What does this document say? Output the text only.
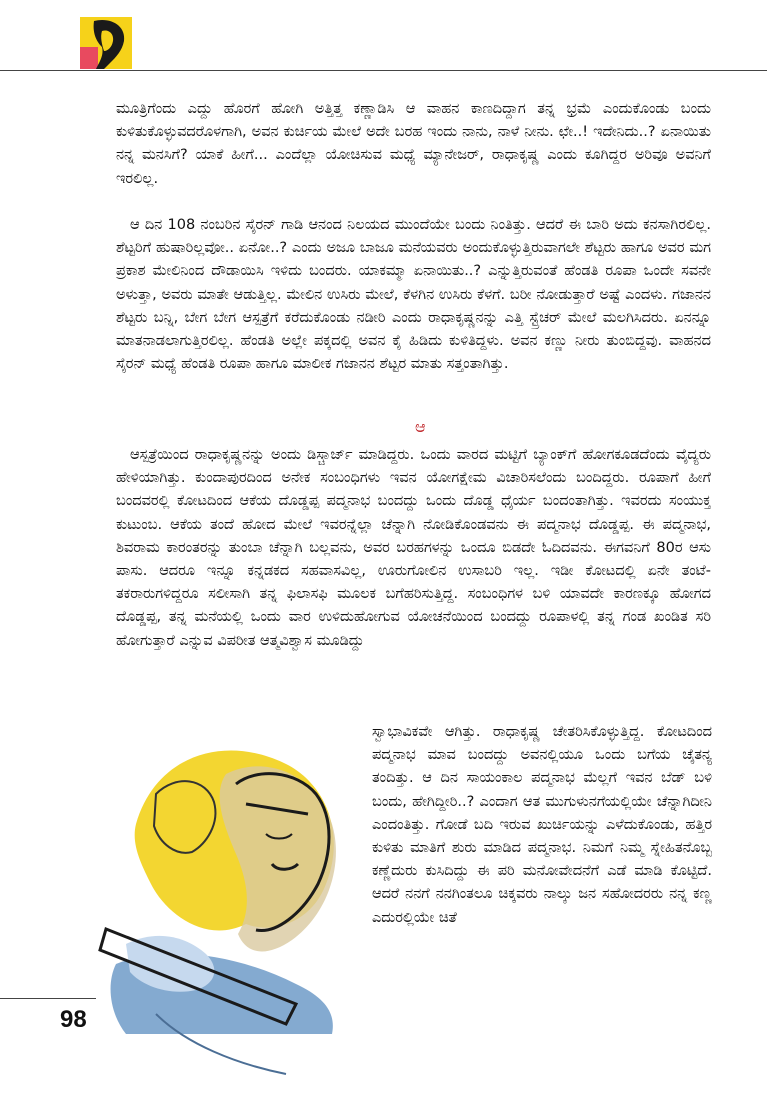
ಮೂತ್ರಿಗೆಂದು ಎದ್ದು ಹೊರಗೆ ಹೋಗಿ ಅತ್ತಿತ್ತ ಕಣ್ಣಾಡಿಸಿ ಆ ವಾಹನ ಕಾಣದಿದ್ದಾಗ ತನ್ನ ಭ್ರಮೆ ಎಂದುಕೊಂಡು ಬಂದು ಕುಳಿತುಕೊಳ್ಳುವದರೊಳಗಾಗಿ, ಅವನ ಕುರ್ಚಿಯ ಮೇಲೆ ಅದೇ ಬರಹ ಇಂದು ನಾನು, ನಾಳೆ ನೀನು. ಛೇ..! ಇದೇನಿದು..? ಏನಾಯಿತು ನನ್ನ ಮನಸಿಗೆ? ಯಾಕೆ ಹೀಗೆ... ಎಂದೆಲ್ಲಾ ಯೋಚಿಸುವ ಮಧ್ಯೆ ಮ್ಯಾನೇಜರ್, ರಾಧಾಕೃಷ್ಣ ಎಂದು ಕೂಗಿದ್ದರ ಅರಿವೂ ಅವನಿಗೆ ಇರಲಿಲ್ಲ.

ಆ ದಿನ 108 ನಂಬರಿನ ಸೈರನ್ ಗಾಡಿ ಆನಂದ ನಿಲಯದ ಮುಂದೆಯೇ ಬಂದು ನಿಂತಿತ್ತು. ಆದರೆ ಈ ಬಾರಿ ಅದು ಕನಸಾಗಿರಲಿಲ್ಲ. ಶೆಟ್ಟರಿಗೆ ಹುಷಾರಿಲ್ಲವೋ.. ಏನೋ..? ಎಂದು ಅಜೂ ಬಾಜೂ ಮನೆಯವರು ಅಂದುಕೊಳ್ಳುತ್ತಿರುವಾಗಲೇ ಶೆಟ್ಟರು ಹಾಗೂ ಅವರ ಮಗ ಪ್ರಕಾಶ ಮೇಲಿನಿಂದ ದೌಡಾಯಿಸಿ ಇಳಿದು ಬಂದರು. ಯಾಕಮ್ಮಾ ಏನಾಯಿತು..? ಎನ್ನುತ್ತಿರುವಂತೆ ಹೆಂಡತಿ ರೂಪಾ ಒಂದೇ ಸವನೇ ಅಳುತ್ತಾ, ಅವರು ಮಾತೇ ಆಡುತ್ತಿಲ್ಲ. ಮೇಲಿನ ಉಸಿರು ಮೇಲೆ, ಕೆಳಗಿನ ಉಸಿರು ಕೆಳಗೆ. ಬರೀ ನೋಡುತ್ತಾರೆ ಅಷ್ಟೆ ಎಂದಳು. ಗಜಾನನ ಶೆಟ್ಟರು ಬನ್ನಿ, ಬೇಗ ಬೇಗ ಆಸ್ಪತ್ರೆಗೆ ಕರೆದುಕೊಂಡು ನಡೀರಿ ಎಂದು ರಾಧಾಕೃಷ್ಣನನ್ನು ಎತ್ತಿ ಸ್ಟ್ರೆಚರ್ ಮೇಲೆ ಮಲಗಿಸಿದರು. ಏನನ್ನೂ ಮಾತನಾಡಲಾಗುತ್ತಿರಲಿಲ್ಲ. ಹೆಂಡತಿ ಅಲ್ಲೇ ಪಕ್ಕದಲ್ಲಿ ಅವನ ಕೈ ಹಿಡಿದು ಕುಳಿತಿದ್ದಳು. ಅವನ ಕಣ್ಣು ನೀರು ತುಂಬಿದ್ದವು. ವಾಹನದ ಸೈರನ್ ಮಧ್ಯೆ ಹೆಂಡತಿ ರೂಪಾ ಹಾಗೂ ಮಾಲೀಕ ಗಜಾನನ ಶೆಟ್ಟರ ಮಾತು ಸತ್ತಂತಾಗಿತ್ತು.

ಆ

ಆಸ್ಪತ್ರೆಯಿಂದ ರಾಧಾಕೃಷ್ಣನನ್ನು ಅಂದು ಡಿಸ್ಚಾರ್ಜ್ ಮಾಡಿದ್ದರು. ಒಂದು ವಾರದ ಮಟ್ಟಿಗೆ ಬ್ಯಾಂಕ್‌ಗೆ ಹೋಗಕೂಡದೆಂದು ವೈದ್ಯರು ಹೇಳಿಯಾಗಿತ್ತು. ಕುಂದಾಪುರದಿಂದ ಅನೇಕ ಸಂಬಂಧಿಗಳು ಇವನ ಯೋಗಕ್ಷೇಮ ವಿಚಾರಿಸಲೆಂದು ಬಂದಿದ್ದರು. ರೂಪಾಗೆ ಹೀಗೆ ಬಂದವರಲ್ಲಿ ಕೋಟದಿಂದ ಆಕೆಯ ದೊಡ್ಡಪ್ಪ ಪದ್ಮನಾಭ ಬಂದದ್ದು ಒಂದು ದೊಡ್ಡ ಧೈರ್ಯ ಬಂದಂತಾಗಿತ್ತು. ಇವರದು ಸಂಯುಕ್ತ ಕುಟುಂಬ. ಆಕೆಯ ತಂದೆ ಹೋದ ಮೇಲೆ ಇವರನ್ನೆಲ್ಲಾ ಚೆನ್ನಾಗಿ ನೋಡಿಕೊಂಡವನು ಈ ಪದ್ಮನಾಭ ದೊಡ್ಡಪ್ಪ. ಈ ಪದ್ಮನಾಭ, ಶಿವರಾಮ ಕಾರಂತರನ್ನು ತುಂಬಾ ಚೆನ್ನಾಗಿ ಬಲ್ಲವನು, ಅವರ ಬರಹಗಳನ್ನು ಒಂದೂ ಬಿಡದೇ ಓದಿದವನು. ಈಗವನಿಗೆ 80ರ ಆಸು ಪಾಸು. ಆದರೂ ಇನ್ನೂ ಕನ್ನಡಕದ ಸಹವಾಸವಿಲ್ಲ, ಊರುಗೋಲಿನ ಉಸಾಬರಿ ಇಲ್ಲ. ಇಡೀ ಕೋಟದಲ್ಲಿ ಏನೇ ತಂಟೆ-ತಕರಾರುಗಳಿದ್ದರೂ ಸಲೀಸಾಗಿ ತನ್ನ ಫಿಲಾಸಫಿ ಮೂಲಕ ಬಗೆಹರಿಸುತ್ತಿದ್ದ. ಸಂಬಂಧಿಗಳ ಬಳಿ ಯಾವದೇ ಕಾರಣಕ್ಕೂ ಹೋಗದ ದೊಡ್ಡಪ್ಪ, ತನ್ನ ಮನೆಯಲ್ಲಿ ಒಂದು ವಾರ ಉಳಿದುಹೋಗುವ ಯೋಚನೆಯಿಂದ ಬಂದದ್ದು ರೂಪಾಳಲ್ಲಿ ತನ್ನ ಗಂಡ ಖಂಡಿತ ಸರಿ ಹೋಗುತ್ತಾರೆ ಎನ್ನುವ ವಿಪರೀತ ಆತ್ಮವಿಶ್ವಾಸ ಮೂಡಿದ್ದು

ಸ್ವಾಭಾವಿಕವೇ ಆಗಿತ್ತು. ರಾಧಾಕೃಷ್ಣ ಚೇತರಿಸಿಕೊಳ್ಳುತ್ತಿದ್ದ. ಕೋಟದಿಂದ ಪದ್ಮನಾಭ ಮಾವ ಬಂದದ್ದು ಅವನಲ್ಲಿಯೂ ಒಂದು ಬಗೆಯ ಚೈತನ್ಯ ತಂದಿತ್ತು. ಆ ದಿನ ಸಾಯಂಕಾಲ ಪದ್ಮನಾಭ ಮೆಲ್ಲಗೆ ಇವನ ಬೆಡ್ ಬಳಿ ಬಂದು, ಹೇಗಿದ್ದೀರಿ..? ಎಂದಾಗ ಆತ ಮುಗುಳುನಗೆಯಲ್ಲಿಯೇ ಚೆನ್ನಾಗಿದೀನಿ ಎಂದಂತಿತ್ತು. ಗೋಡೆ ಬದಿ ಇರುವ ಖುರ್ಚಿಯನ್ನು ಎಳೆದುಕೊಂಡು, ಹತ್ತಿರ ಕುಳಿತು ಮಾತಿಗೆ ಶುರು ಮಾಡಿದ ಪದ್ಮನಾಭ. ನಿಮಗೆ ನಿಮ್ಮ ಸ್ನೇಹಿತನೊಬ್ಬ ಕಣ್ಣೆದುರು ಕುಸಿದಿದ್ದು ಈ ಪರಿ ಮನೋವೇದನೆಗೆ ಎಡೆ ಮಾಡಿ ಕೊಟ್ಟಿದೆ. ಆದರೆ ನನಗೆ ನನಗಿಂತಲೂ ಚಿಕ್ಕವರು ನಾಲ್ಕು ಜನ ಸಹೋದರರು ನನ್ನ ಕಣ್ಣ ಎದುರಲ್ಲಿಯೇ ಚಿತೆ

98
